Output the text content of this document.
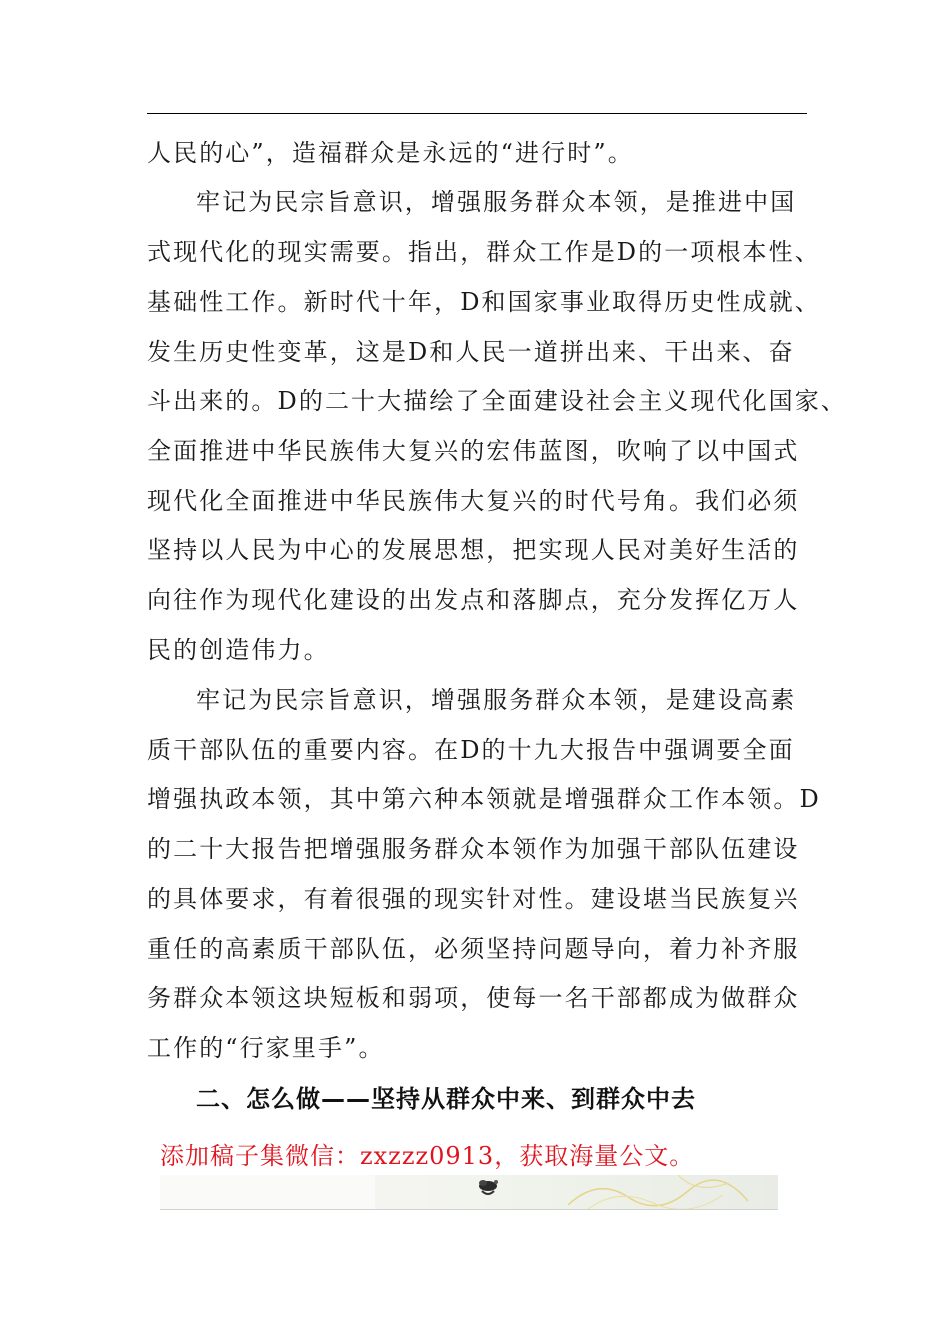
人民的心”，造福群众是永远的“进行时”。
牢记为民宗旨意识，增强服务群众本领，是推进中国
式现代化的现实需要。指出，群众工作是D的一项根本性、
基础性工作。新时代十年，D和国家事业取得历史性成就、
发生历史性变革，这是D和人民一道拼出来、干出来、奋
斗出来的。D的二十大描绘了全面建设社会主义现代化国家、
全面推进中华民族伟大复兴的宏伟蓝图，吹响了以中国式
现代化全面推进中华民族伟大复兴的时代号角。我们必须
坚持以人民为中心的发展思想，把实现人民对美好生活的
向往作为现代化建设的出发点和落脚点，充分发挥亿万人
民的创造伟力。
牢记为民宗旨意识，增强服务群众本领，是建设高素
质干部队伍的重要内容。在D的十九大报告中强调要全面
增强执政本领，其中第六种本领就是增强群众工作本领。D
的二十大报告把增强服务群众本领作为加强干部队伍建设
的具体要求，有着很强的现实针对性。建设堪当民族复兴
重任的高素质干部队伍，必须坚持问题导向，着力补齐服
务群众本领这块短板和弱项，使每一名干部都成为做群众
工作的“行家里手”。
二、怎么做——坚持从群众中来、到群众中去
添加稿子集微信：zxzzz0913，获取海量公文。
